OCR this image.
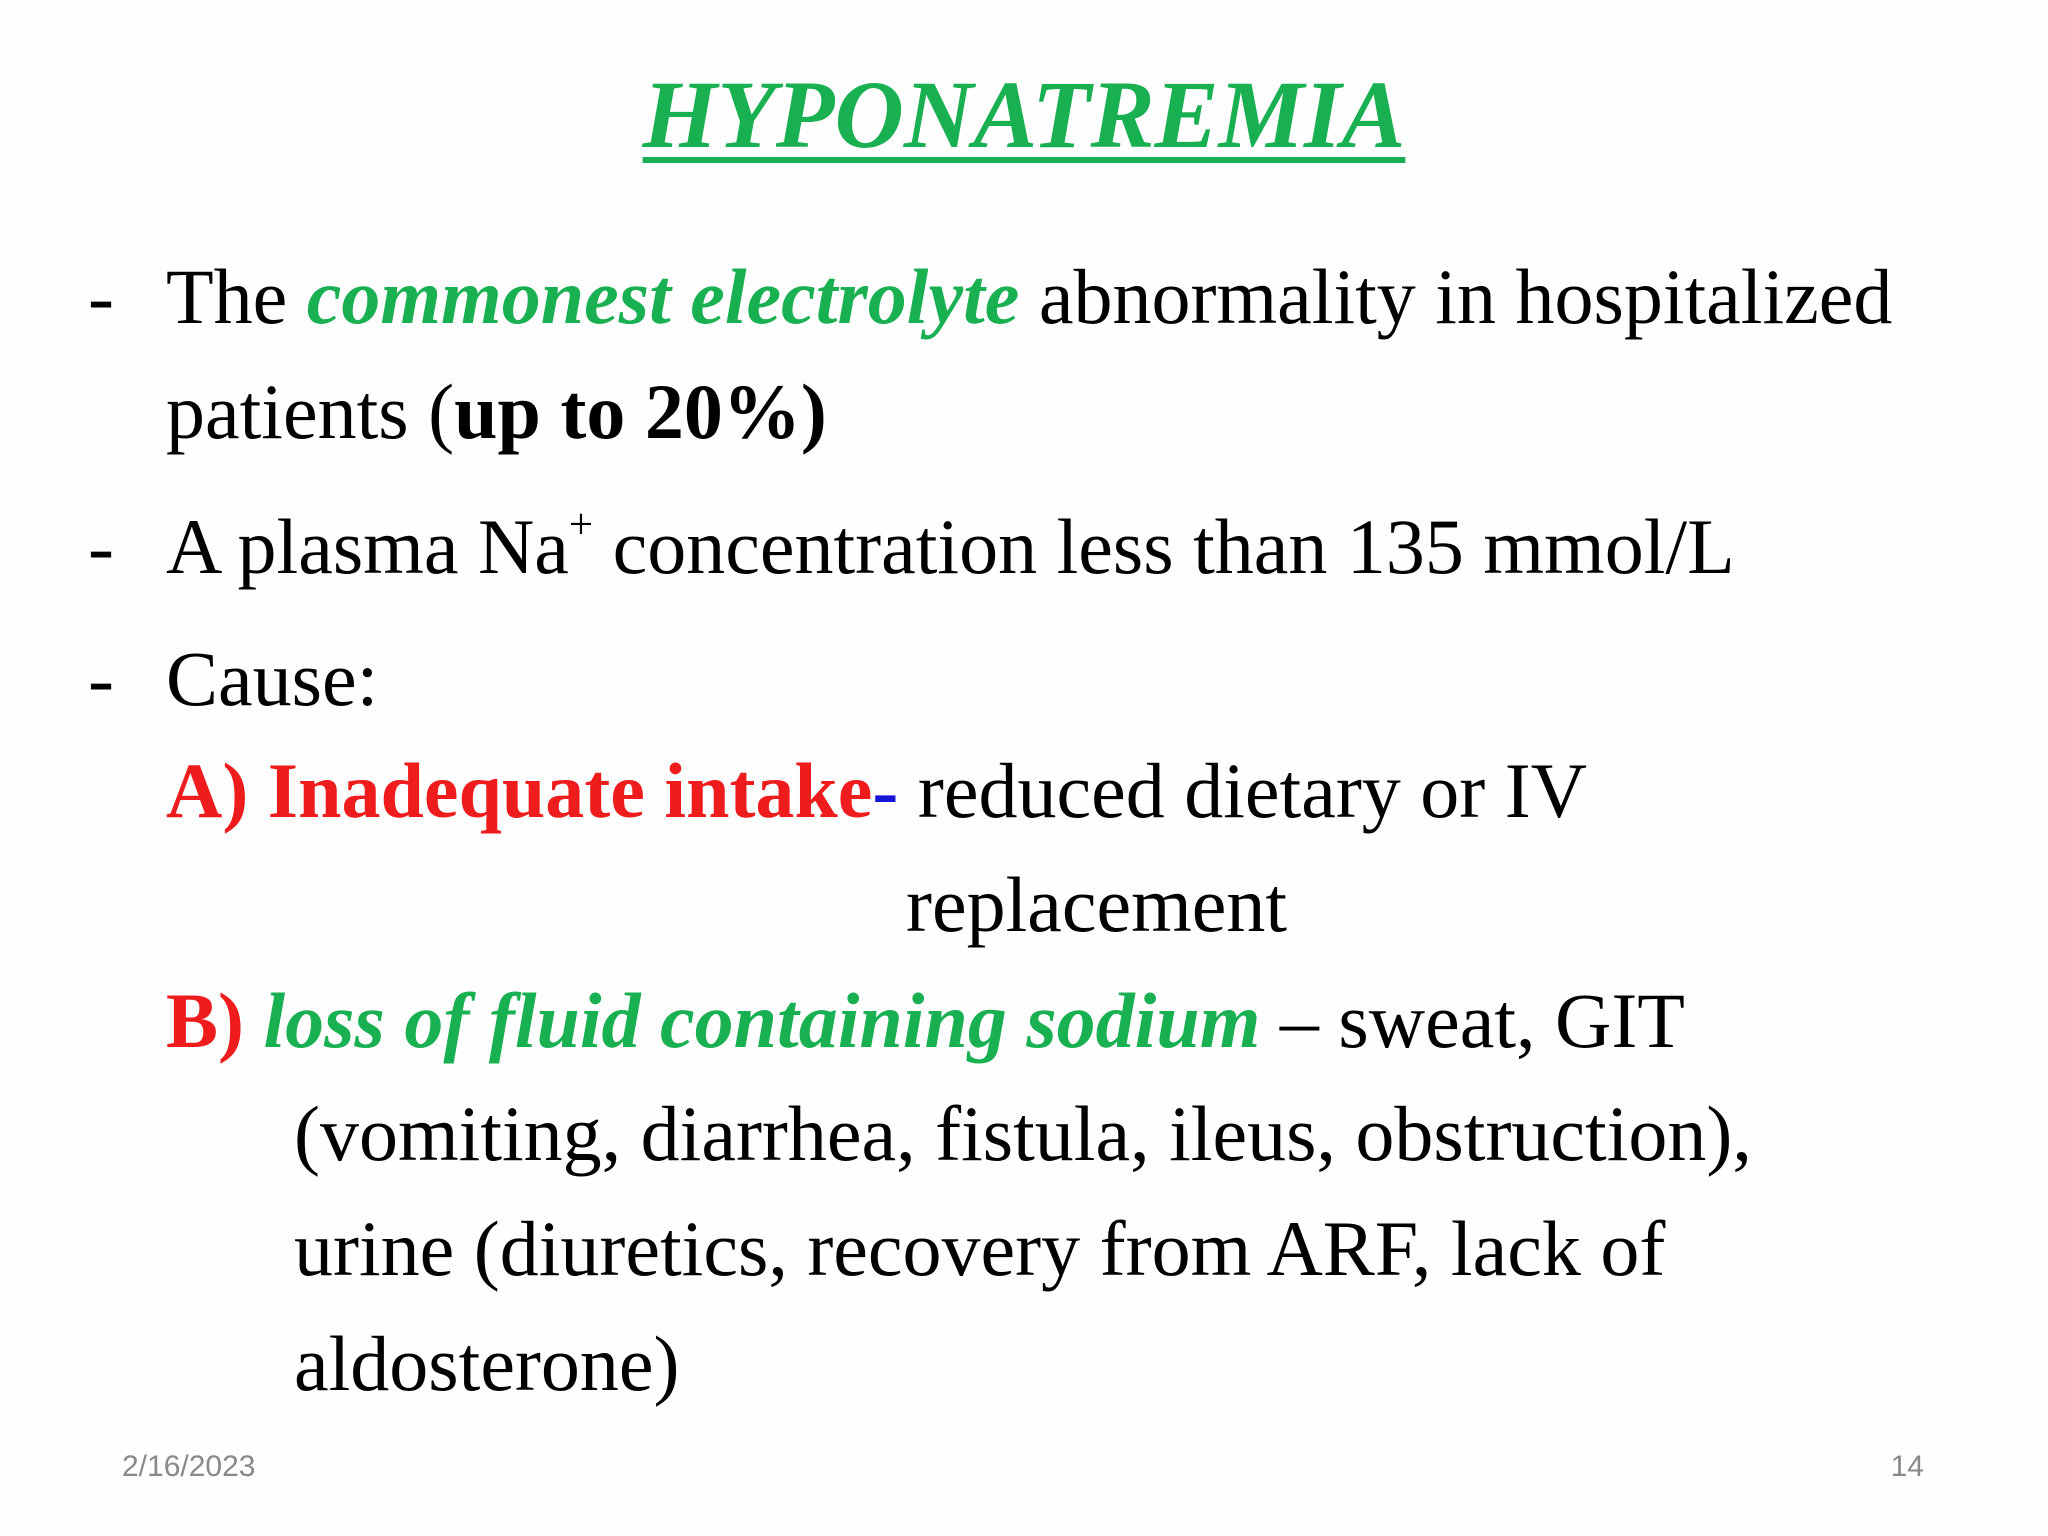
HYPONATREMIA
- The commonest electrolyte abnormality in hospitalized
patients (up to 20%)
- A plasma Na+ concentration less than 135 mmol/L
- Cause:
A) Inadequate intake- reduced dietary or IV
replacement
B) loss of fluid containing sodium – sweat, GIT
(vomiting, diarrhea, fistula, ileus, obstruction),
urine (diuretics, recovery from ARF, lack of
aldosterone)
2/16/2023	14
